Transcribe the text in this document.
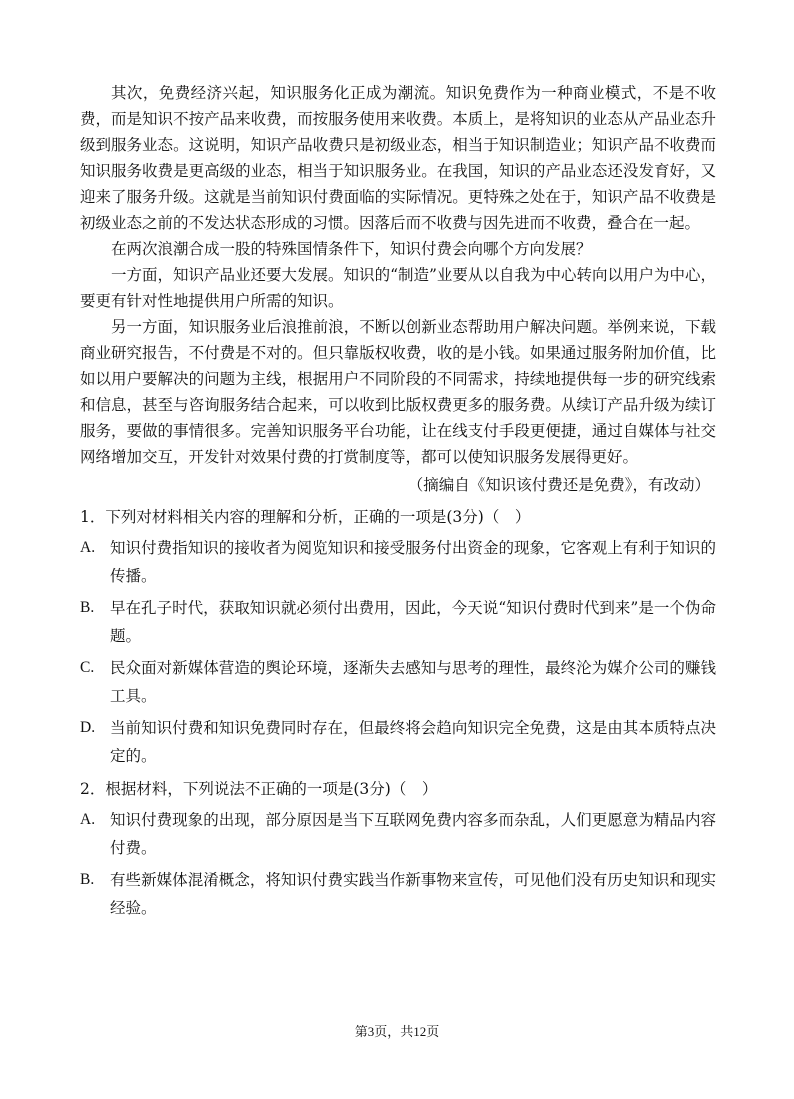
其次，免费经济兴起，知识服务化正成为潮流。知识免费作为一种商业模式，不是不收费，而是知识不按产品来收费，而按服务使用来收费。本质上，是将知识的业态从产品业态升级到服务业态。这说明，知识产品收费只是初级业态，相当于知识制造业；知识产品不收费而知识服务收费是更高级的业态，相当于知识服务业。在我国，知识的产品业态还没发育好，又迎来了服务升级。这就是当前知识付费面临的实际情况。更特殊之处在于，知识产品不收费是初级业态之前的不发达状态形成的习惯。因落后而不收费与因先进而不收费，叠合在一起。

在两次浪潮合成一股的特殊国情条件下，知识付费会向哪个方向发展？

一方面，知识产品业还要大发展。知识的“制造”业要从以自我为中心转向以用户为中心，要更有针对性地提供用户所需的知识。

另一方面，知识服务业后浪推前浪，不断以创新业态帮助用户解决问题。举例来说，下载商业研究报告，不付费是不对的。但只靠版权收费，收的是小钱。如果通过服务附加价值，比如以用户要解决的问题为主线，根据用户不同阶段的不同需求，持续地提供每一步的研究线索和信息，甚至与咨询服务结合起来，可以收到比版权费更多的服务费。从续订产品升级为续订服务，要做的事情很多。完善知识服务平台功能，让在线支付手段更便捷，通过自媒体与社交网络增加交互，开发针对效果付费的打赏制度等，都可以使知识服务发展得更好。

（摘编自《知识该付费还是免费》，有改动）
1．下列对材料相关内容的理解和分析，正确的一项是(3分)（　）
A. 知识付费指知识的接收者为阅览知识和接受服务付出资金的现象，它客观上有利于知识的传播。
B.	早在孔子时代，获取知识就必须付出费用，因此，今天说“知识付费时代到来”是一个伪命题。
C.	民众面对新媒体营造的舆论环境，逐渐失去感知与思考的理性，最终沦为媒介公司的赚钱工具。
D. 当前知识付费和知识免费同时存在，但最终将会趋向知识完全免费，这是由其本质特点决定的。
2．根据材料，下列说法不正确的一项是(3分)（　）
A. 知识付费现象的出现，部分原因是当下互联网免费内容多而杂乱，人们更愿意为精品内容付费。
B.	有些新媒体混淆概念，将知识付费实践当作新事物来宣传，可见他们没有历史知识和现实经验。
第3页，共12页
